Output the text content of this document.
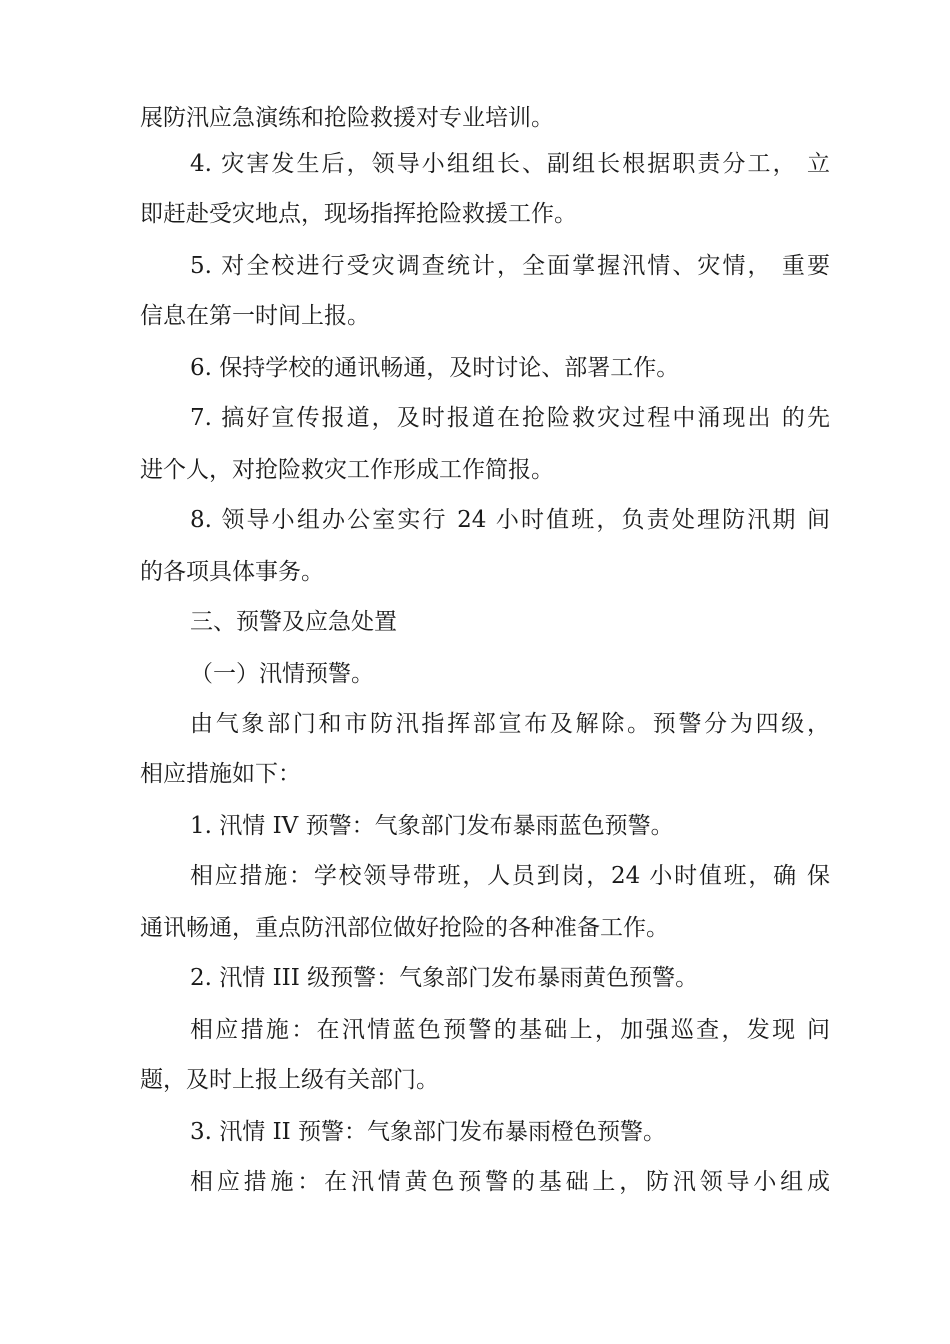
展防汛应急演练和抢险救援对专业培训。
4. 灾害发生后，领导小组组长、副组长根据职责分工， 立
即赶赴受灾地点，现场指挥抢险救援工作。
5. 对全校进行受灾调查统计，全面掌握汛情、灾情， 重要
信息在第一时间上报。
6. 保持学校的通讯畅通，及时讨论、部署工作。
7. 搞好宣传报道，及时报道在抢险救灾过程中涌现出 的先
进个人，对抢险救灾工作形成工作简报。
8. 领导小组办公室实行 24 小时值班，负责处理防汛期 间
的各项具体事务。
三、预警及应急处置
（一）汛情预警。
由气象部门和市防汛指挥部宣布及解除。预警分为四级，
相应措施如下：
1. 汛情 IV 预警：气象部门发布暴雨蓝色预警。
相应措施：学校领导带班，人员到岗，24 小时值班，确 保
通讯畅通，重点防汛部位做好抢险的各种准备工作。
2. 汛情 III 级预警：气象部门发布暴雨黄色预警。
相应措施：在汛情蓝色预警的基础上，加强巡查，发现 问
题，及时上报上级有关部门。
3. 汛情 II 预警：气象部门发布暴雨橙色预警。
相应措施：在汛情黄色预警的基础上，防汛领导小组成
